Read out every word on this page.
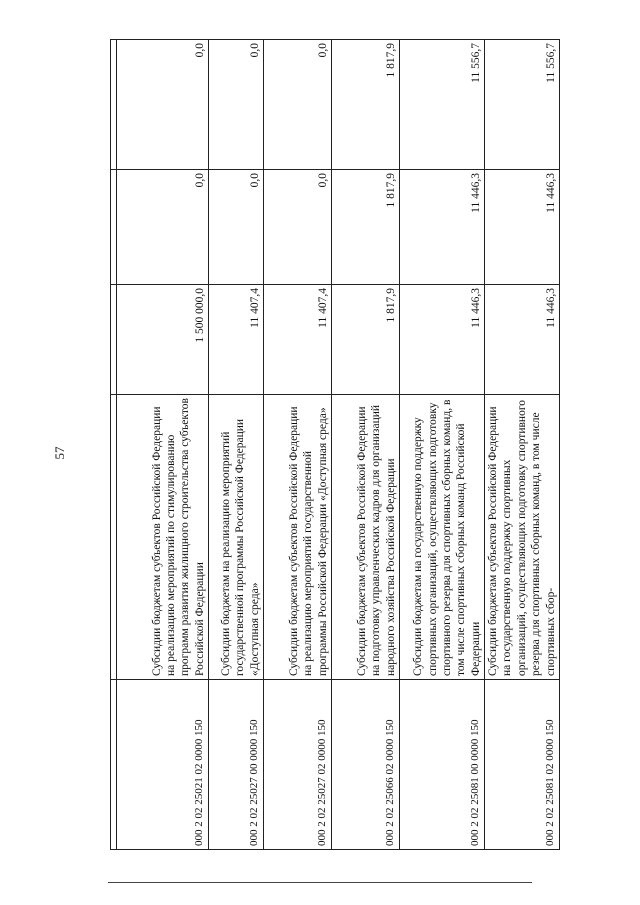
57

000 2 02 25021 02 0000 150	Субсидии бюджетам субъектов Российской Федерации на реализацию мероприятий по стимулированию программ развития жилищного строительства субъектов Российской Федерации	1 500 000,0	0,0	0,0
000 2 02 25027 00 0000 150	Субсидии бюджетам на реализацию мероприятий государственной программы Российской Федерации «Доступная среда»	11 407,4	0,0	0,0
000 2 02 25027 02 0000 150	Субсидии бюджетам субъектов Российской Федерации на реализацию мероприятий государственной программы Российской Федерации «Доступная среда»	11 407,4	0,0	0,0
000 2 02 25066 02 0000 150	Субсидии бюджетам субъектов Российской Федерации на подготовку управленческих кадров для организаций народного хозяйства Российской Федерации	1 817,9	1 817,9	1 817,9
000 2 02 25081 00 0000 150	Субсидии бюджетам на государственную поддержку спортивных организаций, осуществляющих подготовку спортивного резерва для спортивных сборных команд, в том числе спортивных сборных команд Российской Федерации	11 446,3	11 446,3	11 556,7
000 2 02 25081 02 0000 150	Субсидии бюджетам субъектов Российской Федерации на государственную поддержку спортивных организаций, осуществляющих подготовку спортивного резерва для спортивных сборных команд, в том числе спортивных сбор-	11 446,3	11 446,3	11 556,7
